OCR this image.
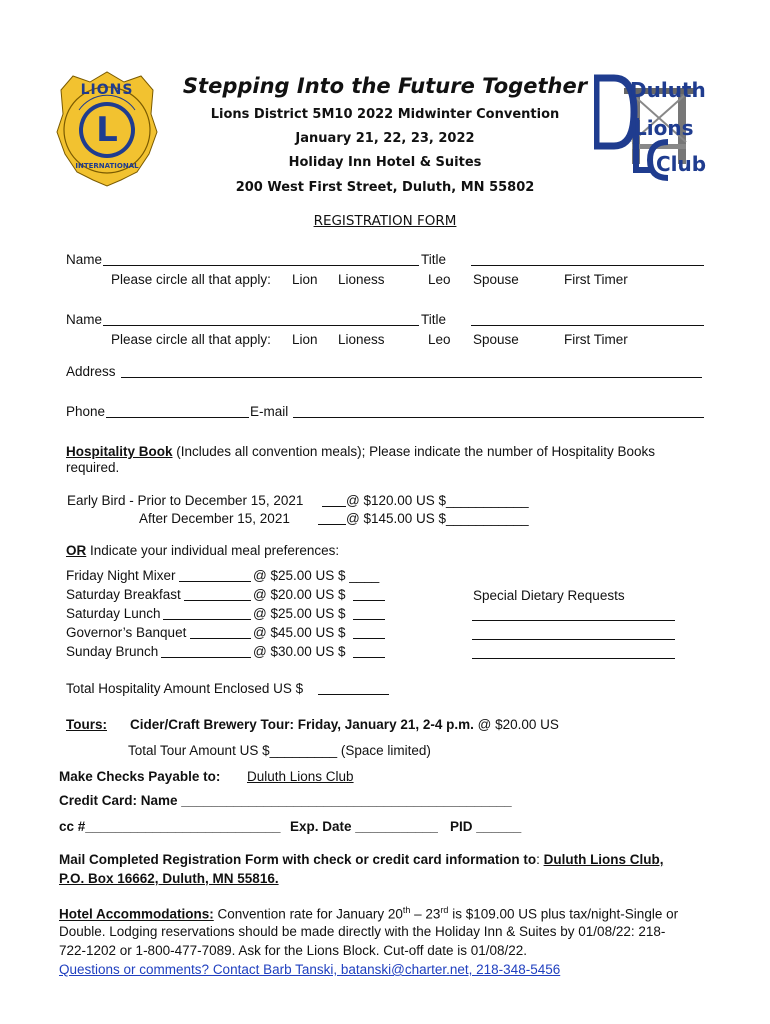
L
LIONS
INTERNATIONAL
Duluth
Lions
Club
Stepping Into the Future Together
Lions District 5M10 2022 Midwinter Convention
January 21, 22, 23, 2022
Holiday Inn Hotel & Suites
200 West First Street, Duluth, MN 55802
REGISTRATION FORM
Name	Title
Please circle all that apply: Lion Lioness	Leo Spouse	First Timer
Name	Title
Please circle all that apply: Lion Lioness	Leo Spouse	First Timer
Address
Phone	E-mail
Hospitality Book (Includes all convention meals); Please indicate the number of Hospitality Books
required.
Early Bird - Prior to December 15, 2021	@ $120.00 US $___________
After December 15, 2021	@ $145.00 US $___________
OR Indicate your individual meal preferences:
Friday Night Mixer	@ $25.00 US $ ____
Saturday Breakfast	@ $20.00 US $
Saturday Lunch	@ $25.00 US $
Governor’s Banquet	@ $45.00 US $
Sunday Brunch	@ $30.00 US $
Special Dietary Requests
Total Hospitality Amount Enclosed US $
Tours: Cider/Craft Brewery Tour: Friday, January 21, 2-4 p.m. @ $20.00 US
Total Tour Amount US $_________ (Space limited)
Make Checks Payable to: Duluth Lions Club
Credit Card: Name ____________________________________________
cc #__________________________ Exp. Date ___________ PID ______
Mail Completed Registration Form with check or credit card information to: Duluth Lions Club,
P.O. Box 16662, Duluth, MN 55816.
Hotel Accommodations: Convention rate for January 20th – 23rd is $109.00 US plus tax/night-Single or
Double. Lodging reservations should be made directly with the Holiday Inn & Suites by 01/08/22: 218-
722-1202 or 1-800-477-7089. Ask for the Lions Block. Cut-off date is 01/08/22.
Questions or comments? Contact Barb Tanski, batanski@charter.net, 218-348-5456
